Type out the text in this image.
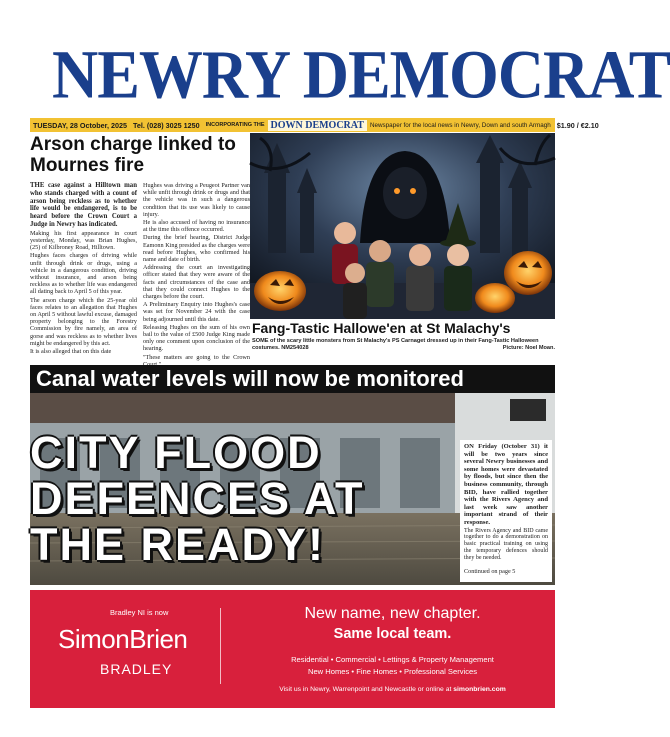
NEWRY DEMOCRAT
TUESDAY, 28 October, 2025 Tel. (028) 3025 1250	INCORPORATING THE DOWN DEMOCRAT Newspaper for the local news in Newry, Down and south Armagh $1.90 / €2.10
Arson charge linked to Mournes fire

THE case against a Hilltown man who stands charged with a count of arson being reckless as to whether life would be endangered, is to be heard before the Crown Court a Judge in Newry has indicated.

Making his first appearance in court yesterday, Monday, was Brian Hughes, (25) of Kilbroney Road, Hilltown.

Hughes faces charges of driving while unfit through drink or drugs, using a vehicle in a dangerous condition, driving without insurance, and arson being reckless as to whether life was endangered all dating back to April 5 of this year.

The arson charge which the 25-year old faces relates to an allegation that Hughes on April 5 without lawful excuse, damaged property belonging to the Forestry Commission by fire namely, an area of gorse and was reckless as to whether lives might be endangered by this act.

It is also alleged that on this date

Hughes was driving a Peugeot Partner van while unfit through drink or drugs and that the vehicle was in such a dangerous condition that its use was likely to cause injury.

He is also accused of having no insurance at the time this offence occurred.

During the brief hearing, District Judge Eamonn King presided as the charges were read before Hughes, who confirmed his name and date of birth.

Addressing the court an investigating officer stated that they were aware of the facts and circumstances of the case and that they could connect Hughes to the charges before the court.

A Preliminary Enquiry into Hughes's case was set for November 24 with the case being adjourned until this date.

Releasing Hughes on the sum of his own bail to the value of £500 Judge King made only one comment upon conclusion of the hearing.

"These matters are going to the Crown

Fang-Tastic Hallowe'en at St Malachy's
SOME of the scary little monsters from St Malachy's PS Carnaget dressed up in their Fang-Tastic Halloween costumes. NM254028	Picture: Noel Moan.
Canal water levels will now be monitored
CITY FLOOD DEFENCES AT THE READY!

ON Friday (October 31) it will be two years since several Newry businesses and some homes were devastated by floods, but since then the business community, through BID, have rallied together with the Rivers Agency and last week saw another important strand of their response.

The Rivers Agency and BID came together to do a demonstration on basic practical training on using the temporary defences should they be needed.

Continued on page 5

Bradley NI is now
SimonBrien
BRADLEY
New name, new chapter.
Same local team.
Residential • Commercial • Lettings & Property Management
New Homes • Fine Homes • Professional Services
Visit us in Newry, Warrenpoint and Newcastle or online at simonbrien.com
